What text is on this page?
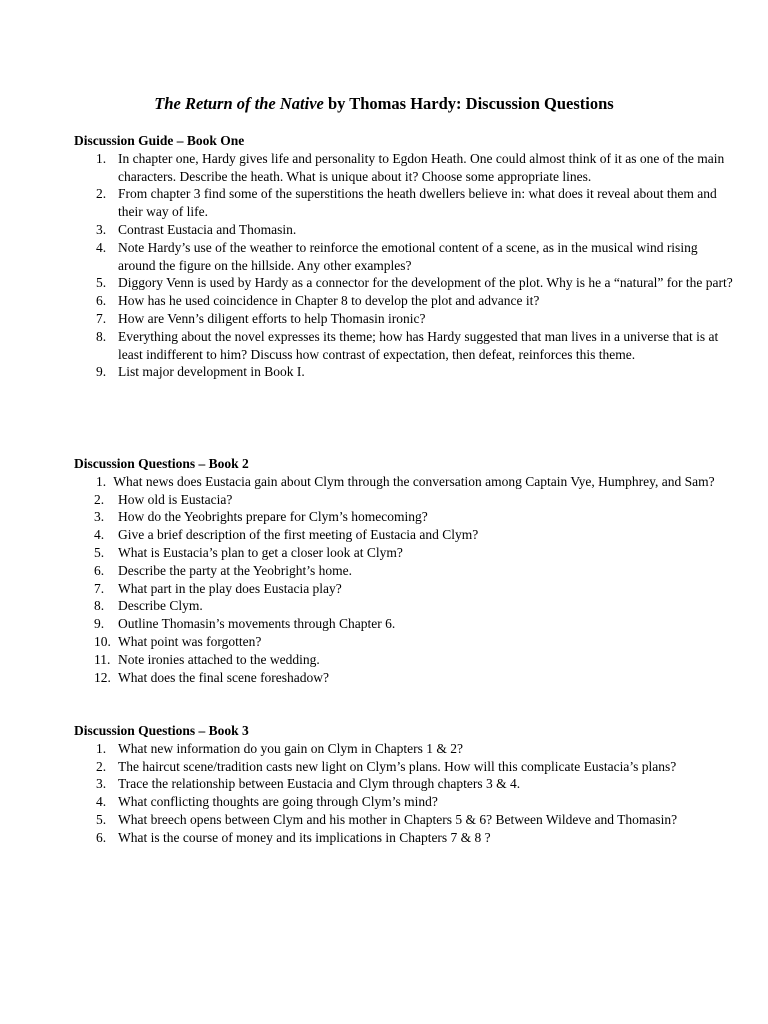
The Return of the Native by Thomas Hardy: Discussion Questions

Discussion Guide – Book One

1. In chapter one, Hardy gives life and personality to Egdon Heath. One could almost think of it as one of the main characters. Describe the heath. What is unique about it? Choose some appropriate lines.
2. From chapter 3 find some of the superstitions the heath dwellers believe in: what does it reveal about them and their way of life.
3. Contrast Eustacia and Thomasin.
4. Note Hardy’s use of the weather to reinforce the emotional content of a scene, as in the musical wind rising around the figure on the hillside. Any other examples?
5. Diggory Venn is used by Hardy as a connector for the development of the plot. Why is he a “natural” for the part?
6. How has he used coincidence in Chapter 8 to develop the plot and advance it?
7. How are Venn’s diligent efforts to help Thomasin ironic?
8. Everything about the novel expresses its theme; how has Hardy suggested that man lives in a universe that is at least indifferent to him? Discuss how contrast of expectation, then defeat, reinforces this theme.
9. List major development in Book I.

Discussion Questions – Book 2

1. What news does Eustacia gain about Clym through the conversation among Captain Vye, Humphrey, and Sam?
2. How old is Eustacia?
3. How do the Yeobrights prepare for Clym’s homecoming?
4. Give a brief description of the first meeting of Eustacia and Clym?
5. What is Eustacia’s plan to get a closer look at Clym?
6. Describe the party at the Yeobright’s home.
7. What part in the play does Eustacia play?
8. Describe Clym.
9. Outline Thomasin’s movements through Chapter 6.
10. What point was forgotten?
11. Note ironies attached to the wedding.
12. What does the final scene foreshadow?

Discussion Questions – Book 3

1. What new information do you gain on Clym in Chapters 1 & 2?
2. The haircut scene/tradition casts new light on Clym’s plans. How will this complicate Eustacia’s plans?
3. Trace the relationship between Eustacia and Clym through chapters 3 & 4.
4. What conflicting thoughts are going through Clym’s mind?
5. What breech opens between Clym and his mother in Chapters 5 & 6? Between Wildeve and Thomasin?
6. What is the course of money and its implications in Chapters 7 & 8 ?
